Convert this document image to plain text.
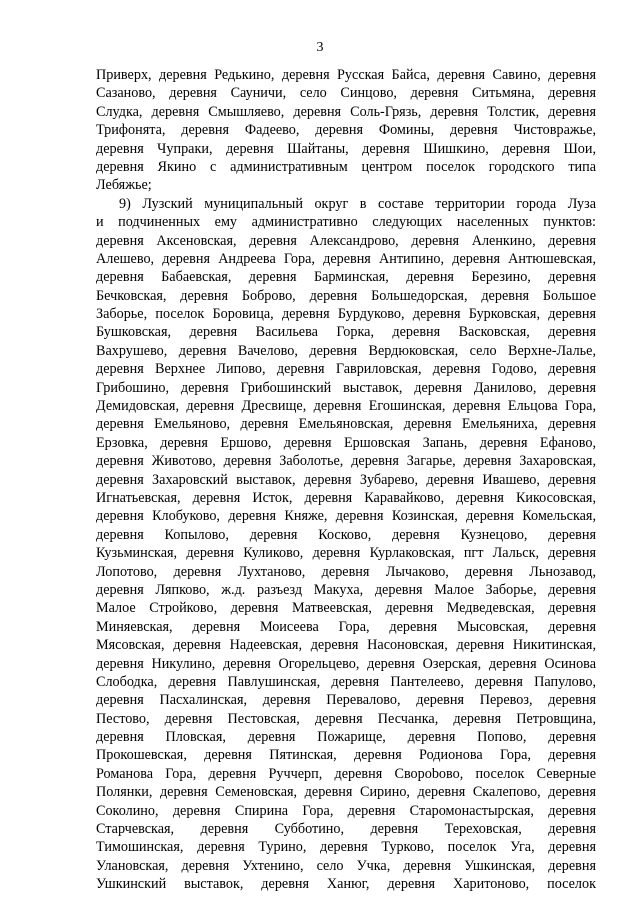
3
Приверх, деревня Редькино, деревня Русская Байса, деревня Савино, деревня
Сазаново, деревня Сауничи, село Синцово, деревня Ситьмяна, деревня
Слудка, деревня Смышляево, деревня Соль-Грязь, деревня Толстик, деревня
Трифонята, деревня Фадеево, деревня Фомины, деревня Чистовражье,
деревня Чупраки, деревня Шайтаны, деревня Шишкино, деревня Шои,
деревня Якино с административным центром поселок городского типа
Лебяжье;
9) Лузский муниципальный округ в составе территории города Луза
и подчиненных ему административно следующих населенных пунктов:
деревня Аксеновская, деревня Александрово, деревня Аленкино, деревня
Алешево, деревня Андреева Гора, деревня Антипино, деревня Антюшевская,
деревня Бабаевская, деревня Барминская, деревня Березино, деревня
Бечковская, деревня Боброво, деревня Большедорская, деревня Большое
Заборье, поселок Боровица, деревня Бурдуково, деревня Бурковская, деревня
Бушковская, деревня Васильева Горка, деревня Васковская, деревня
Вахрушево, деревня Вачелово, деревня Вердюковская, село Верхне-Лалье,
деревня Верхнее Липово, деревня Гавриловская, деревня Годово, деревня
Грибошино, деревня Грибошинский выставок, деревня Данилово, деревня
Демидовская, деревня Дресвище, деревня Егошинская, деревня Ельцова Гора,
деревня Емельяново, деревня Емельяновская, деревня Емельяниха, деревня
Ерзовка, деревня Ершово, деревня Ершовская Запань, деревня Ефаново,
деревня Животово, деревня Заболотье, деревня Загарье, деревня Захаровская,
деревня Захаровский выставок, деревня Зубарево, деревня Ивашево, деревня
Игнатьевская, деревня Исток, деревня Каравайково, деревня Кикосовская,
деревня Клобуково, деревня Княже, деревня Козинская, деревня Комельская,
деревня Копылово, деревня Косково, деревня Кузнецово, деревня
Кузьминская, деревня Куликово, деревня Курлаковская, пгт Лальск, деревня
Лопотово, деревня Лухтаново, деревня Лычаково, деревня Льнозавод,
деревня Ляпково, ж.д. разъезд Макуха, деревня Малое Заборье, деревня
Малое Стройково, деревня Матвеевская, деревня Медведевская, деревня
Миняевская, деревня Моисеева Гора, деревня Мысовская, деревня
Мясовская, деревня Надеевская, деревня Насоновская, деревня Никитинская,
деревня Никулино, деревня Огорельцево, деревня Озерская, деревня Осинова
Слободка, деревня Павлушинская, деревня Пантелеево, деревня Папулово,
деревня Пасхалинская, деревня Перевалово, деревня Перевоз, деревня
Пестово, деревня Пестовская, деревня Песчанка, деревня Петровщина,
деревня Пловская, деревня Пожарище, деревня Попово, деревня
Прокошевская, деревня Пятинская, деревня Родионова Гора, деревня
Романова Гора, деревня Руччерп, деревня Сворobово, поселок Северные
Полянки, деревня Семеновская, деревня Сирино, деревня Скалепово, деревня
Соколино, деревня Спирина Гора, деревня Старомонастырская, деревня
Старчевская, деревня Субботино, деревня Тереховская, деревня
Тимошинская, деревня Турино, деревня Турково, поселок Уга, деревня
Улановская, деревня Ухтенино, село Учка, деревня Ушкинская, деревня
Ушкинский выставок, деревня Ханюг, деревня Харитоново, поселок
